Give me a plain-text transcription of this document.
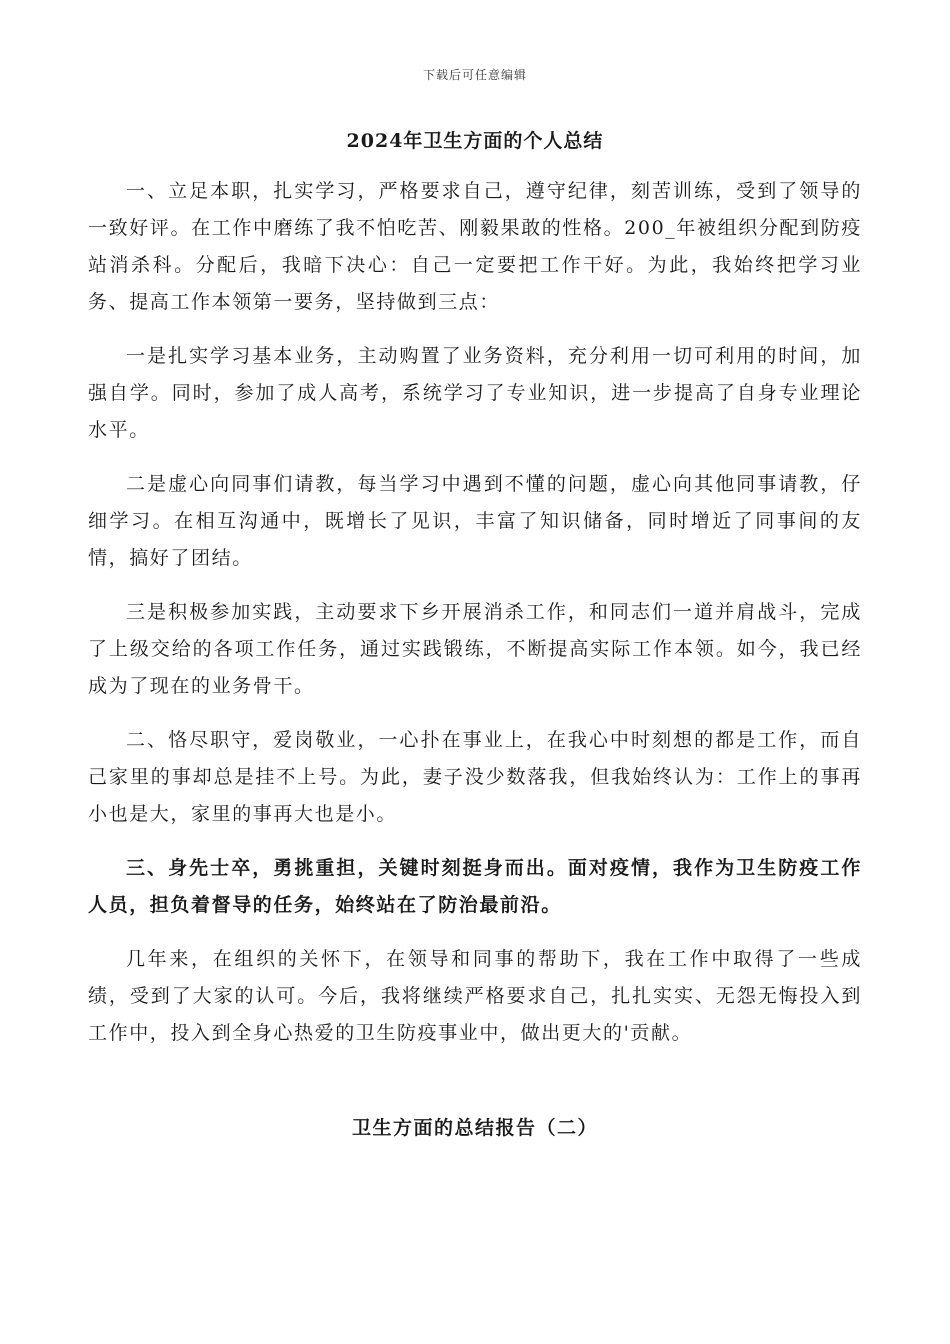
下载后可任意编辑
2024年卫生方面的个人总结

一、立足本职，扎实学习，严格要求自己，遵守纪律，刻苦训练，受到了领导的一致好评。在工作中磨练了我不怕吃苦、刚毅果敢的性格。200_年被组织分配到防疫站消杀科。分配后，我暗下决心：自己一定要把工作干好。为此，我始终把学习业务、提高工作本领第一要务，坚持做到三点：

一是扎实学习基本业务，主动购置了业务资料，充分利用一切可利用的时间，加强自学。同时，参加了成人高考，系统学习了专业知识，进一步提高了自身专业理论水平。

二是虚心向同事们请教，每当学习中遇到不懂的问题，虚心向其他同事请教，仔细学习。在相互沟通中，既增长了见识，丰富了知识储备，同时增近了同事间的友情，搞好了团结。

三是积极参加实践，主动要求下乡开展消杀工作，和同志们一道并肩战斗，完成了上级交给的各项工作任务，通过实践锻练，不断提高实际工作本领。如今，我已经成为了现在的业务骨干。

二、恪尽职守，爱岗敬业，一心扑在事业上，在我心中时刻想的都是工作，而自己家里的事却总是挂不上号。为此，妻子没少数落我，但我始终认为：工作上的事再小也是大，家里的事再大也是小。

三、身先士卒，勇挑重担，关键时刻挺身而出。面对疫情，我作为卫生防疫工作人员，担负着督导的任务，始终站在了防治最前沿。

几年来，在组织的关怀下，在领导和同事的帮助下，我在工作中取得了一些成绩，受到了大家的认可。今后，我将继续严格要求自己，扎扎实实、无怨无悔投入到工作中，投入到全身心热爱的卫生防疫事业中，做出更大的'贡献。

卫生方面的总结报告（二）
